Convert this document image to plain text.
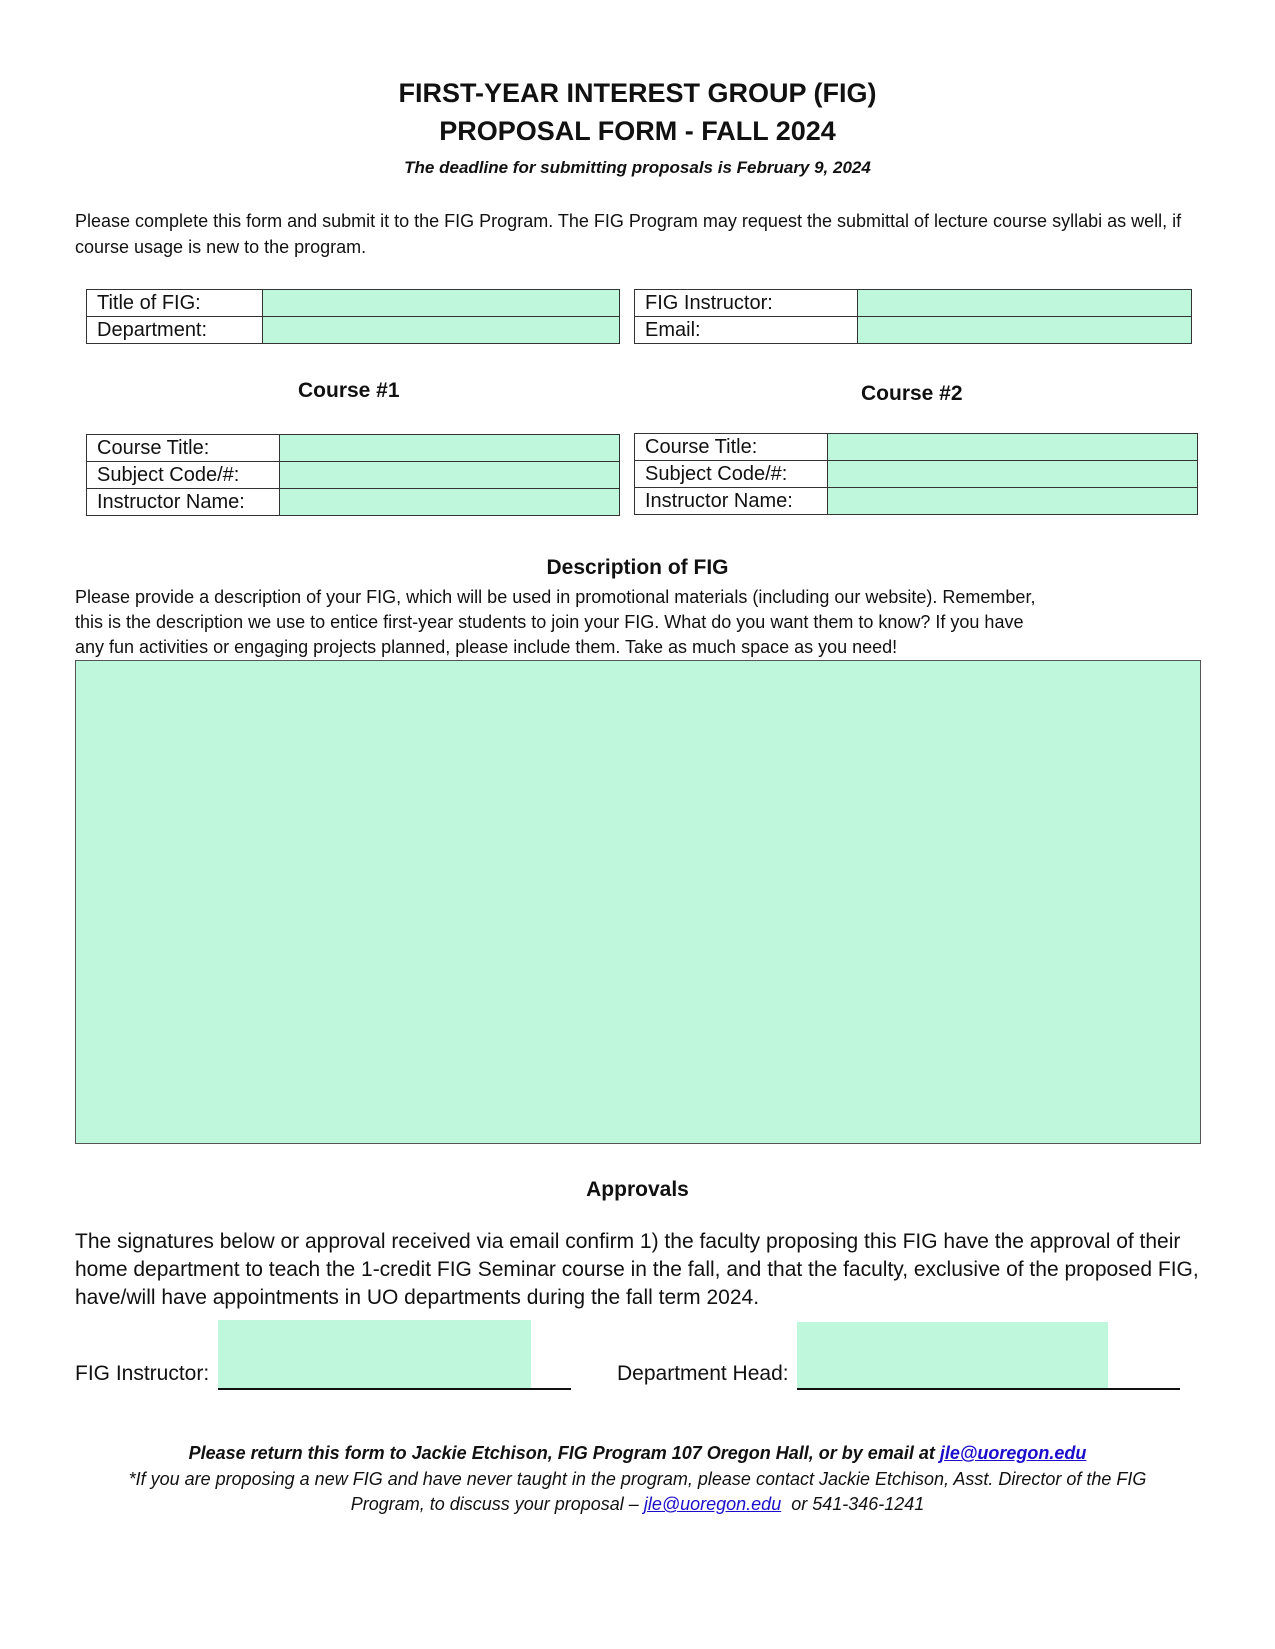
FIRST-YEAR INTEREST GROUP (FIG)
PROPOSAL FORM - FALL 2024
The deadline for submitting proposals is February 9, 2024
Please complete this form and submit it to the FIG Program. The FIG Program may request the submittal of lecture course syllabi as well, if course usage is new to the program.
Title of FIG:	
Department:	
FIG Instructor:	
Email:	
Course #1	Course #2
Course Title:	
Subject Code/#:	
Instructor Name:	
Course Title:	
Subject Code/#:	
Instructor Name:	
Description of FIG
Please provide a description of your FIG, which will be used in promotional materials (including our website). Remember,
this is the description we use to entice first-year students to join your FIG. What do you want them to know? If you have
any fun activities or engaging projects planned, please include them. Take as much space as you need!
Approvals
The signatures below or approval received via email confirm 1) the faculty proposing this FIG have the approval of their home department to teach the 1-credit FIG Seminar course in the fall, and that the faculty, exclusive of the proposed FIG, have/will have appointments in UO departments during the fall term 2024.
FIG Instructor:	Department Head:
Please return this form to Jackie Etchison, FIG Program 107 Oregon Hall, or by email at jle@uoregon.edu
*If you are proposing a new FIG and have never taught in the program, please contact Jackie Etchison, Asst. Director of the FIG
Program, to discuss your proposal – jle@uoregon.edu  or 541-346-1241
